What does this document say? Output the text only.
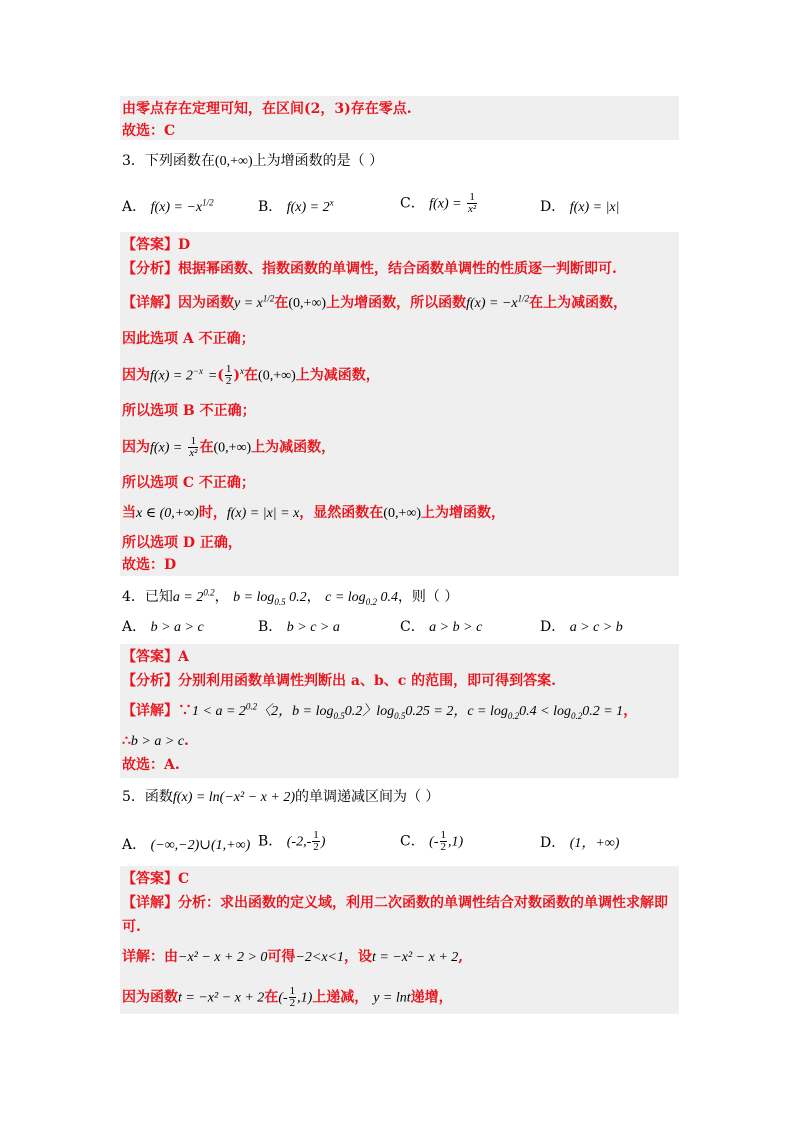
由零点存在定理可知，在区间(2，3)存在零点.
故选：C
3．下列函数在(0,+∞)上为增函数的是（ ）
A． $f(x) = -x^{1/2}$	B． $f(x) = 2^x$	C． $f(x) = \frac{1}{\text{x²}}$	D． f(x) = |x|
【答案】D
【分析】根据幂函数、指数函数的单调性，结合函数单调性的性质逐一判断即可.
【详解】因为函数$y = x^{1/2}$在(0,+∞)上为增函数，所以函数$f(x) = -x^{1/2}$在上为减函数，
因此选项 A 不正确；
因为$f(x) = 2^{-x}$ =( $\frac{1}{2} )^x$在(0,+∞)上为减函数，
所以选项 B 不正确；
因为$f(x) = \frac{1}{\text{x²}}$ 在(0,+∞)上为减函数，
所以选项 C 不正确；
当x ∈ (0,+∞)时，f(x) = |x| = x，显然函数在(0,+∞)上为增函数，
所以选项 D 正确，
故选：D
4．已知$a = 2^{0.2}$， $b = \log_{0.5} 0.2$， $c = \log_{0.2} 0.4$，则（ ）
A． b > a > c	B． b > c > a	C． a > b > c	D． a > c > b
【答案】A
【分析】分别利用函数单调性判断出 a、b、c 的范围，即可得到答案.
【详解】∵1 < $a = 2^{0.2}$〈2，$b = \log_{0.5}0.2$〉$\log_{0.5}0.25 = 2$，$c = \log_{0.2}0.4 < \log_{0.2}0.2 = 1$，
∴b > a > c.
故选：A.
5．函数f(x) = ln(−x² − x + 2)的单调递减区间为（ ）
A． (−∞,−2)∪(1,+∞) B． ($-2,- \frac{1}{2}$ )	C． (- $\frac{1}{2} ,1$)	D． (1，+∞)
【答案】C
【详解】分析：求出函数的定义域，利用二次函数的单调性结合对数函数的单调性求解即
可.
详解：由−x² − x + 2 > 0可得−2<x<1，设t = −x² − x + 2,
因为函数t = −x² − x + 2在(- $\frac{1}{2} ,1$)上递减， y = lnt递增，
